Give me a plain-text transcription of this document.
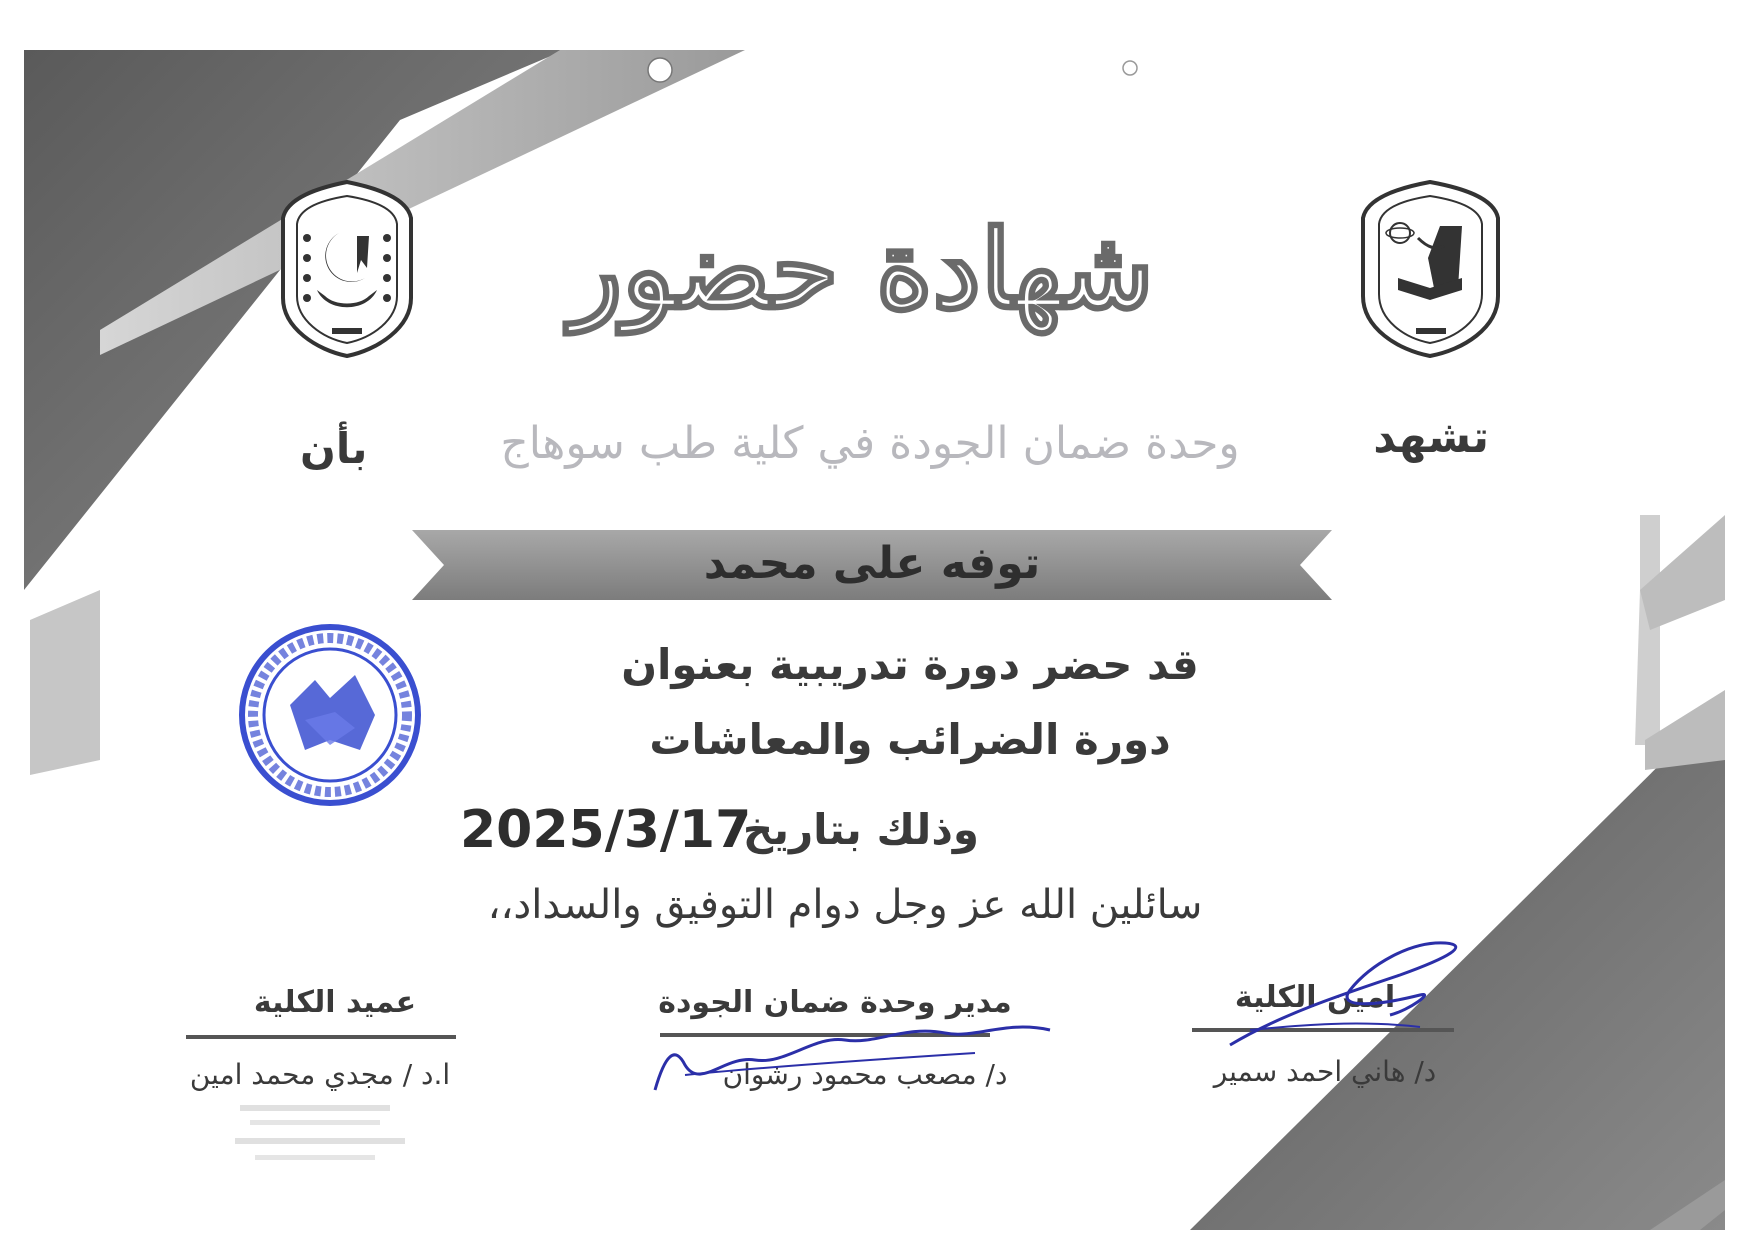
شهادة حضور
تشهد
وحدة ضمان الجودة في كلية طب سوهاج
بأن
توفه على محمد
قد حضر دورة تدريبية بعنوان
دورة الضرائب والمعاشات
وذلك بتاريخ
2025/3/17
سائلين الله عز وجل دوام التوفيق والسداد،،
امين الكلية
د/ هاني احمد سمير
مدير وحدة ضمان الجودة
د/ مصعب محمود رشوان
عميد الكلية
ا.د / مجدي محمد امين
